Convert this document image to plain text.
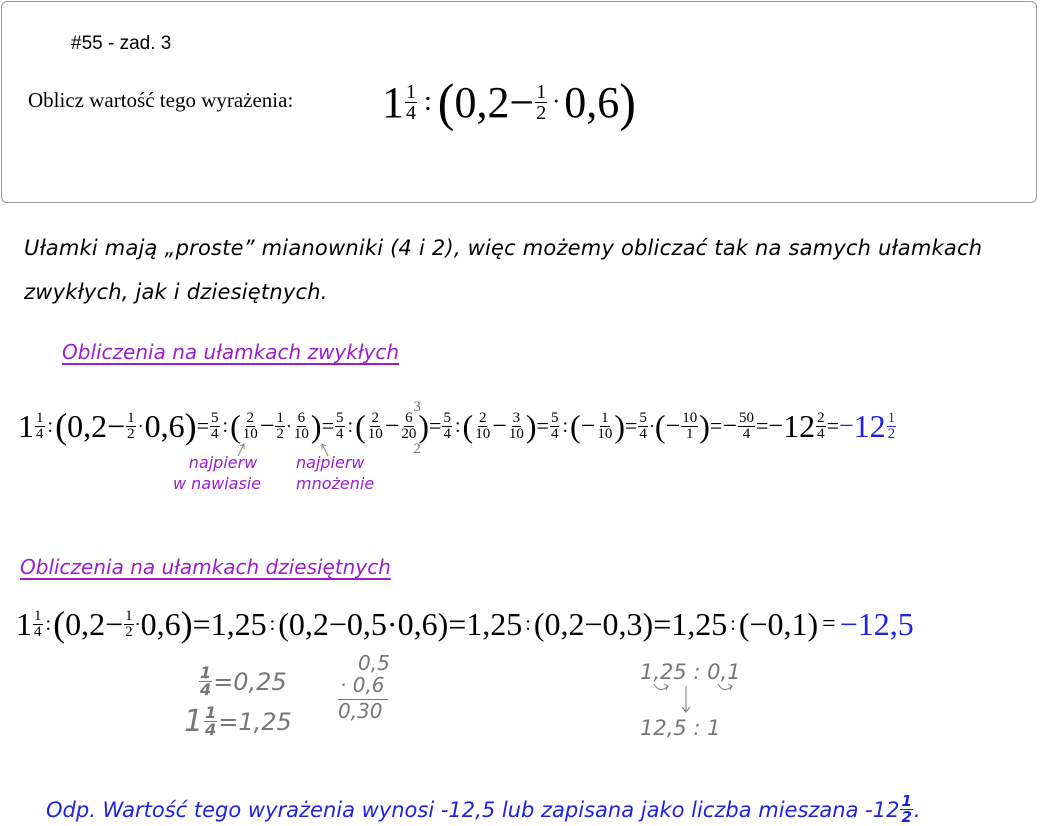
#55 - zad. 3
Oblicz wartość tego wyrażenia: $1 \frac{1}{4}$ : ( $0,2 - \frac{1}{2} \cdot 0,6$ )
Ułamki mają „proste” mianowniki (4 i 2), więc możemy obliczać tak na samych ułamkach
zwykłych, jak i dziesiętnych.
Obliczenia na ułamkach zwykłych
$1 \frac{1}{4}$ : ( $0,2 - \frac{1}{2} \cdot 0,6$ ) = $\frac{5}{4}$ : ( $\frac{2}{10} - \frac{1}{2} \cdot \frac{6}{10}$ ) = $\frac{5}{4}$ : ( $\frac{2}{10} - \frac{6}{20}$
3
2
) = $\frac{5}{4}$ : ( $\frac{2}{10} - \frac{3}{10}$ ) = $\frac{5}{4}$ : ( − $\frac{1}{10}$ ) = $\frac{5}{4}$ · ( − $\frac{10}{1}$ ) = − $\frac{50}{4}$ = − $12 \frac{2}{4}$ = − $12 \frac{1}{2}$
najpierw
w nawiasie
najpierw
mnożenie
Obliczenia na ułamkach dziesiętnych
$1 \frac{1}{4}$ : ( $0,2 - \frac{1}{2} \cdot 0,6$ ) =1,25 : (0,2−0,5·0,6) =1,25 : (0,2−0,3) =1,25 : (−0,1) = −12,5
$\frac{1}{4} =0,25$
$1 \frac{1}{4} =1,25$
0,5
· 0,6
0,30
1,25 : 0,1
12,5 : 1
Odp. Wartość tego wyrażenia wynosi -12,5 lub zapisana jako liczba mieszana $-12 \frac{1}{2}$ .
